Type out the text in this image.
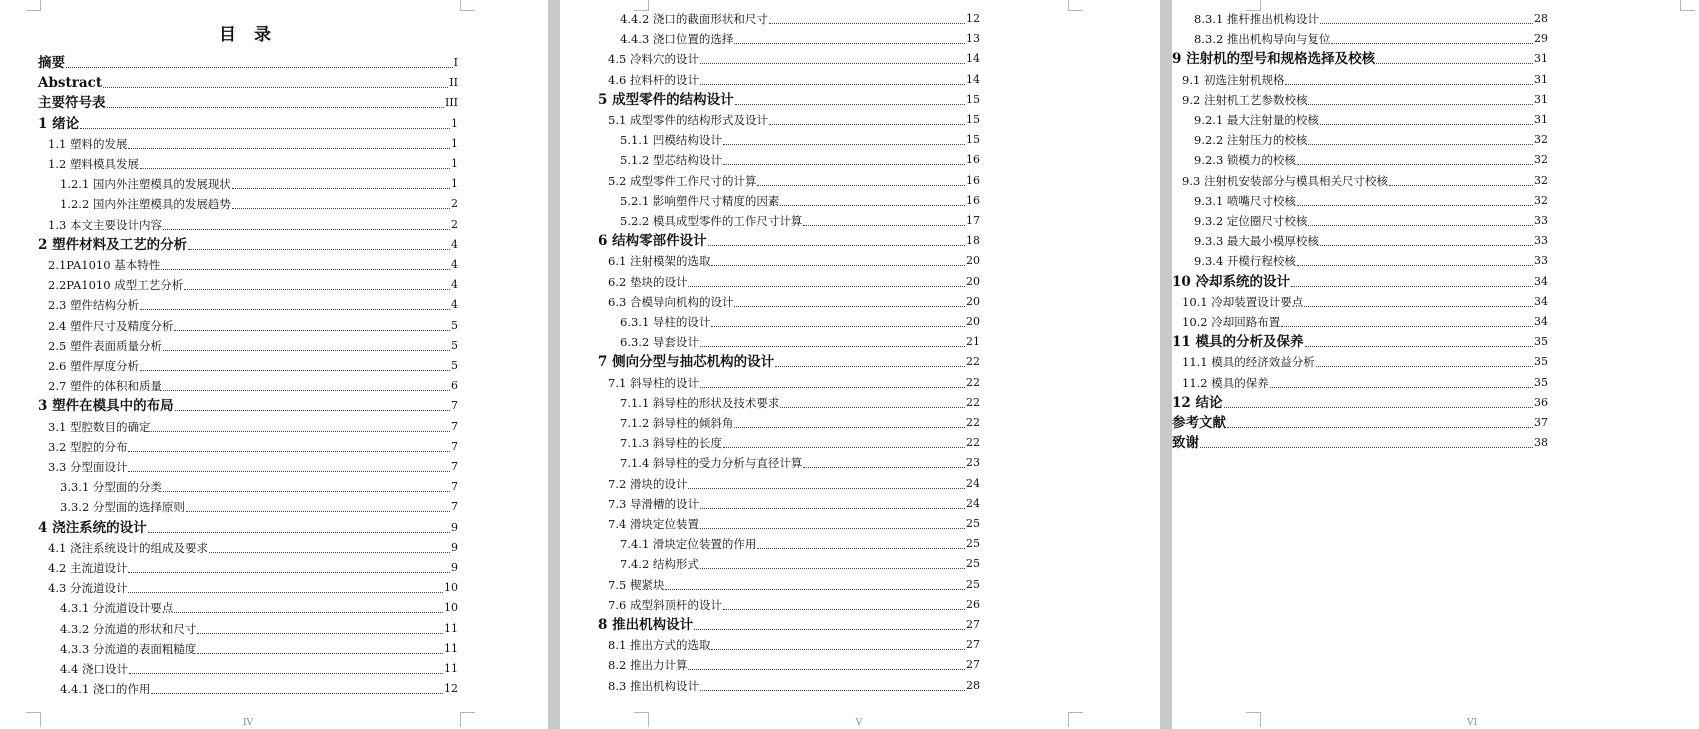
目 录
摘要	I
Abstract	II
主要符号表	III
1 绪论	1
1.1 塑料的发展	1
1.2 塑料模具发展	1
1.2.1 国内外注塑模具的发展现状	1
1.2.2 国内外注塑模具的发展趋势	2
1.3 本文主要设计内容	2
2 塑件材料及工艺的分析	4
2.1PA1010 基本特性	4
2.2PA1010 成型工艺分析	4
2.3 塑件结构分析	4
2.4 塑件尺寸及精度分析	5
2.5 塑件表面质量分析	5
2.6 塑件厚度分析	5
2.7 塑件的体积和质量	6
3 塑件在模具中的布局	7
3.1 型腔数目的确定	7
3.2 型腔的分布	7
3.3 分型面设计	7
3.3.1 分型面的分类	7
3.3.2 分型面的选择原则	7
4 浇注系统的设计	9
4.1 浇注系统设计的组成及要求	9
4.2 主流道设计	9
4.3 分流道设计	10
4.3.1 分流道设计要点	10
4.3.2 分流道的形状和尺寸	11
4.3.3 分流道的表面粗糙度	11
4.4 浇口设计	11
4.4.1 浇口的作用	12
IV
4.4.2 浇口的截面形状和尺寸	12
4.4.3 浇口位置的选择	13
4.5 冷料穴的设计	14
4.6 拉料杆的设计	14
5 成型零件的结构设计	15
5.1 成型零件的结构形式及设计	15
5.1.1 凹模结构设计	15
5.1.2 型芯结构设计	16
5.2 成型零件工作尺寸的计算	16
5.2.1 影响塑件尺寸精度的因素	16
5.2.2 模具成型零件的工作尺寸计算	17
6 结构零部件设计	18
6.1 注射模架的选取	20
6.2 垫块的设计	20
6.3 合模导向机构的设计	20
6.3.1 导柱的设计	20
6.3.2 导套设计	21
7 侧向分型与抽芯机构的设计	22
7.1 斜导柱的设计	22
7.1.1 斜导柱的形状及技术要求	22
7.1.2 斜导柱的倾斜角	22
7.1.3 斜导柱的长度	22
7.1.4 斜导柱的受力分析与直径计算	23
7.2 滑块的设计	24
7.3 导滑槽的设计	24
7.4 滑块定位装置	25
7.4.1 滑块定位装置的作用	25
7.4.2 结构形式	25
7.5 楔紧块	25
7.6 成型斜顶杆的设计	26
8 推出机构设计	27
8.1 推出方式的选取	27
8.2 推出力计算	27
8.3 推出机构设计	28
V	VI
8.3.1 推杆推出机构设计	28
8.3.2 推出机构导向与复位	29
9 注射机的型号和规格选择及校核	31
9.1 初选注射机规格	31
9.2 注射机工艺参数校核	31
9.2.1 最大注射量的校核	31
9.2.2 注射压力的校核	32
9.2.3 锁模力的校核	32
9.3 注射机安装部分与模具相关尺寸校核	32
9.3.1 喷嘴尺寸校核	32
9.3.2 定位圈尺寸校核	33
9.3.3 最大最小模厚校核	33
9.3.4 开模行程校核	33
10 冷却系统的设计	34
10.1 冷却装置设计要点	34
10.2 冷却回路布置	34
11 模具的分析及保养	35
11.1 模具的经济效益分析	35
11.2 模具的保养	35
12 结论	36
参考文献	37
致谢	38
